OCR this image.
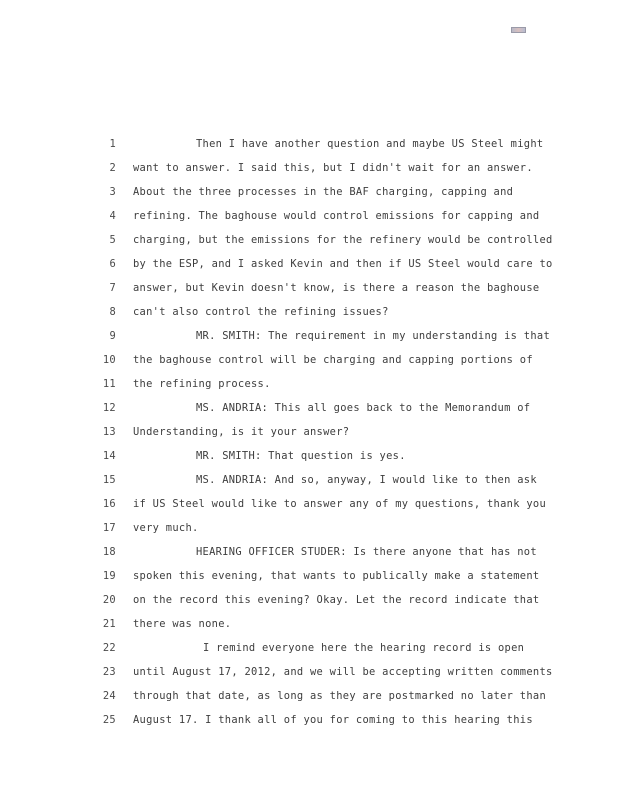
1	Then I have another question and maybe US Steel might
2 want to answer. I said this, but I didn't wait for an answer.
3 About the three processes in the BAF charging, capping and
4 refining. The baghouse would control emissions for capping and
5 charging, but the emissions for the refinery would be controlled
6 by the ESP, and I asked Kevin and then if US Steel would care to
7 answer, but Kevin doesn't know, is there a reason the baghouse
8 can't also control the refining issues?
9	MR. SMITH: The requirement in my understanding is that
10 the baghouse control will be charging and capping portions of
11 the refining process.
12	MS. ANDRIA: This all goes back to the Memorandum of
13 Understanding, is it your answer?
14	MR. SMITH: That question is yes.
15	MS. ANDRIA: And so, anyway, I would like to then ask
16 if US Steel would like to answer any of my questions, thank you
17 very much.
18	HEARING OFFICER STUDER: Is there anyone that has not
19 spoken this evening, that wants to publically make a statement
20 on the record this evening? Okay. Let the record indicate that
21 there was none.
22	I remind everyone here the hearing record is open
23 until August 17, 2012, and we will be accepting written comments
24 through that date, as long as they are postmarked no later than
25 August 17. I thank all of you for coming to this hearing this
